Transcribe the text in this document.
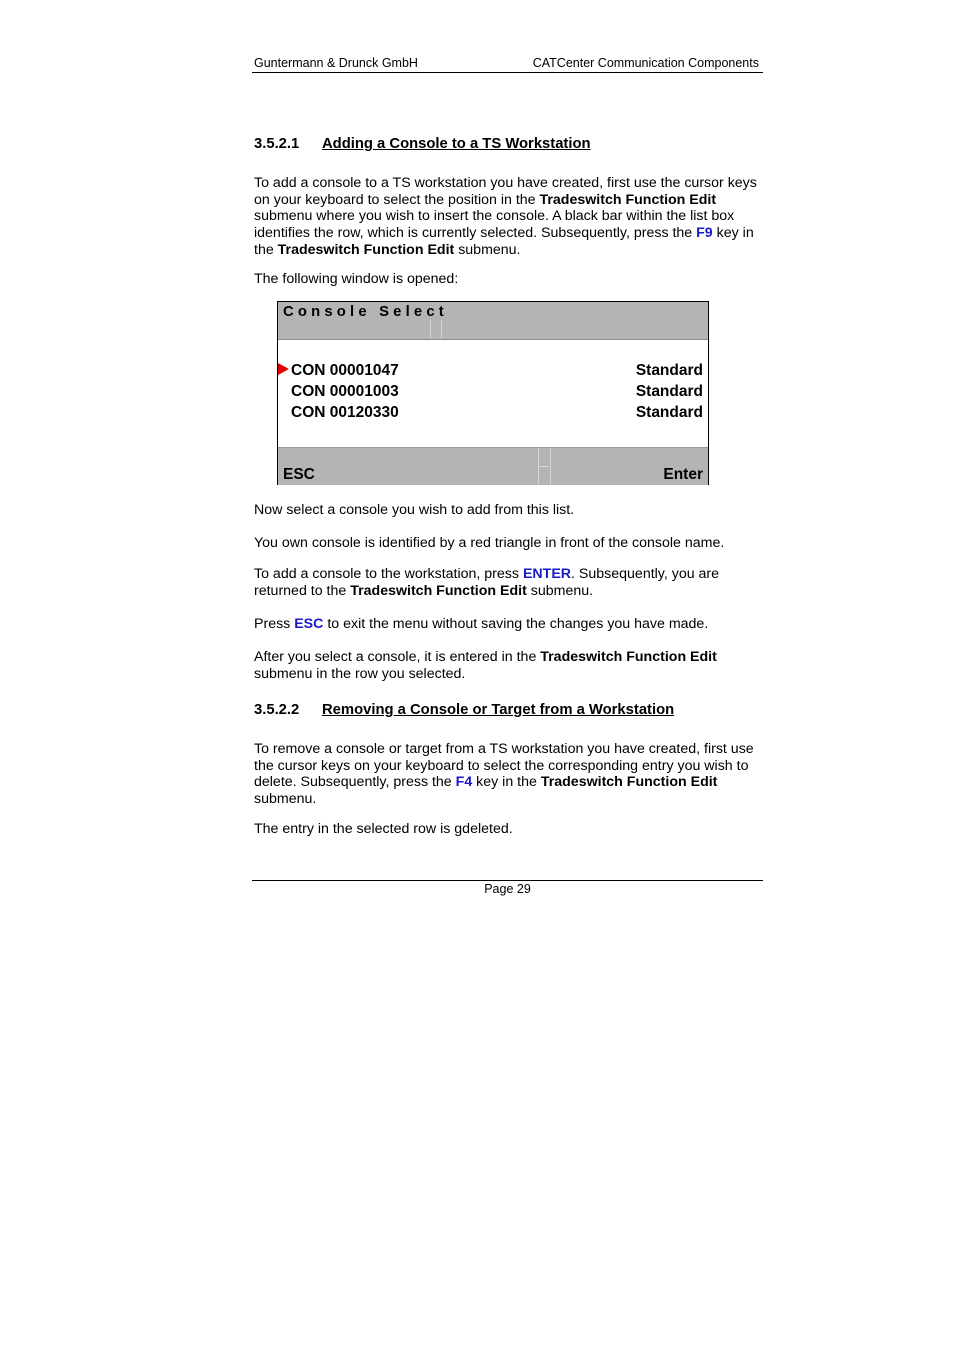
Guntermann & Drunck GmbH	CATCenter Communication Components
3.5.2.1 Adding a Console to a TS Workstation
To add a console to a TS workstation you have created, first use the cursor keys on your keyboard to select the position in the Tradeswitch Function Edit submenu where you wish to insert the console. A black bar within the list box identifies the row, which is currently selected. Subsequently, press the F9 key in the Tradeswitch Function Edit submenu.
The following window is opened:
Console Select
CON 00001047	Standard
CON 00001003	Standard
CON 00120330	Standard
ESC	Enter
Now select a console you wish to add from this list.
You own console is identified by a red triangle in front of the console name.
To add a console to the workstation, press ENTER. Subsequently, you are returned to the Tradeswitch Function Edit submenu.
Press ESC to exit the menu without saving the changes you have made.
After you select a console, it is entered in the Tradeswitch Function Edit submenu in the row you selected.
3.5.2.2 Removing a Console or Target from a Workstation
To remove a console or target from a TS workstation you have created, first use the cursor keys on your keyboard to select the corresponding entry you wish to delete. Subsequently, press the F4 key in the Tradeswitch Function Edit submenu.
The entry in the selected row is gdeleted.
Page 29
